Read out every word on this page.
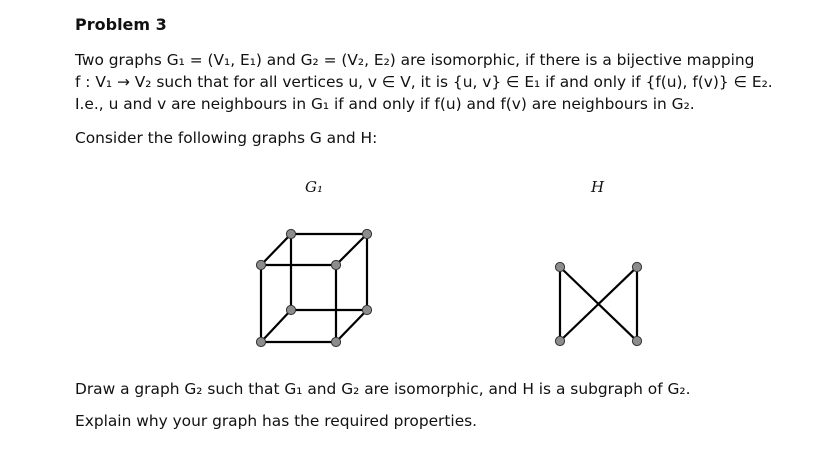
Problem 3
Two graphs G₁ = (V₁, E₁) and G₂ = (V₂, E₂) are isomorphic, if there is a bijective mapping
f : V₁ → V₂ such that for all vertices u, v ∈ V, it is {u, v} ∈ E₁ if and only if {f(u), f(v)} ∈ E₂.
I.e., u and v are neighbours in G₁ if and only if f(u) and f(v) are neighbours in G₂.
Consider the following graphs G and H:
G₁	H
Draw a graph G₂ such that G₁ and G₂ are isomorphic, and H is a subgraph of G₂.
Explain why your graph has the required properties.
